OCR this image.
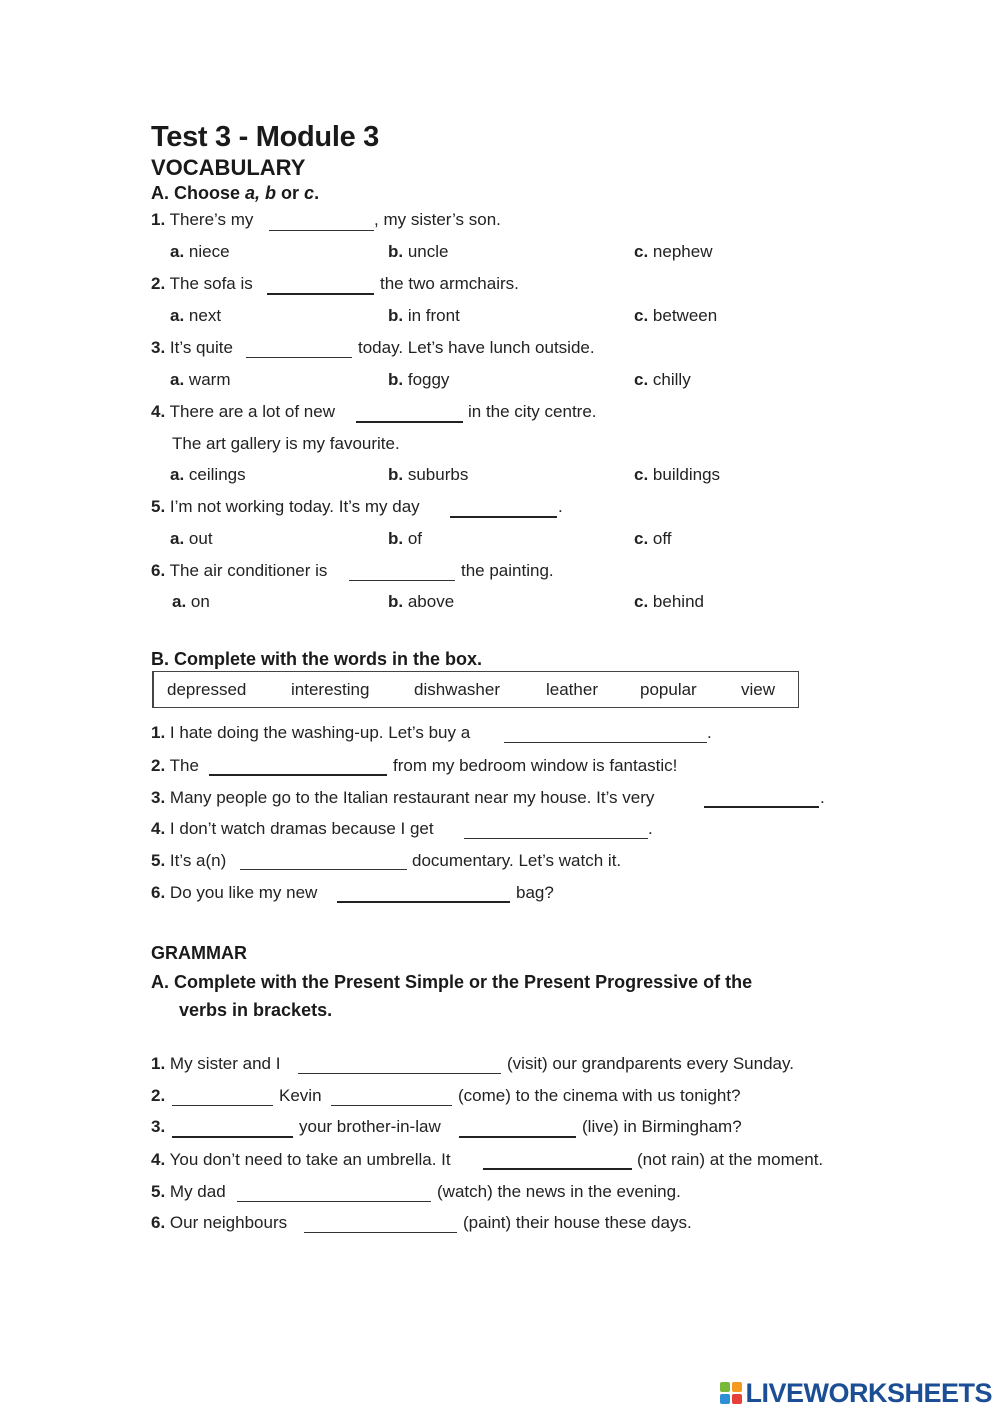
Test 3 - Module 3
VOCABULARY
A. Choose a, b or c.
1. There’s my	, my sister’s son.
a. niece	b. uncle	c. nephew
2. The sofa is	the two armchairs.
a. next	b. in front	c. between
3. It’s quite	today. Let’s have lunch outside.
a. warm	b. foggy	c. chilly
4. There are a lot of new	in the city centre.
The art gallery is my favourite.
a. ceilings	b. suburbs	c. buildings
5. I’m not working today. It’s my day	.
a. out	b. of	c. off
6. The air conditioner is	the painting.
a. on	b. above	c. behind
B. Complete with the words in the box.
depressed	interesting	dishwasher	leather popular	view
1. I hate doing the washing-up. Let’s buy a	.
2. The	from my bedroom window is fantastic!
3. Many people go to the Italian restaurant near my house. It’s very	.
4. I don’t watch dramas because I get	.
5. It’s a(n)	documentary. Let’s watch it.
6. Do you like my new	bag?
GRAMMAR
A. Complete with the Present Simple or the Present Progressive of the
verbs in brackets.
1. My sister and I	(visit) our grandparents every Sunday.
2.	Kevin	(come) to the cinema with us tonight?
3.	your brother-in-law	(live) in Birmingham?
4. You don’t need to take an umbrella. It	(not rain) at the moment.
5. My dad	(watch) the news in the evening.
6. Our neighbours	(paint) their house these days.
LIVEWORKSHEETS
